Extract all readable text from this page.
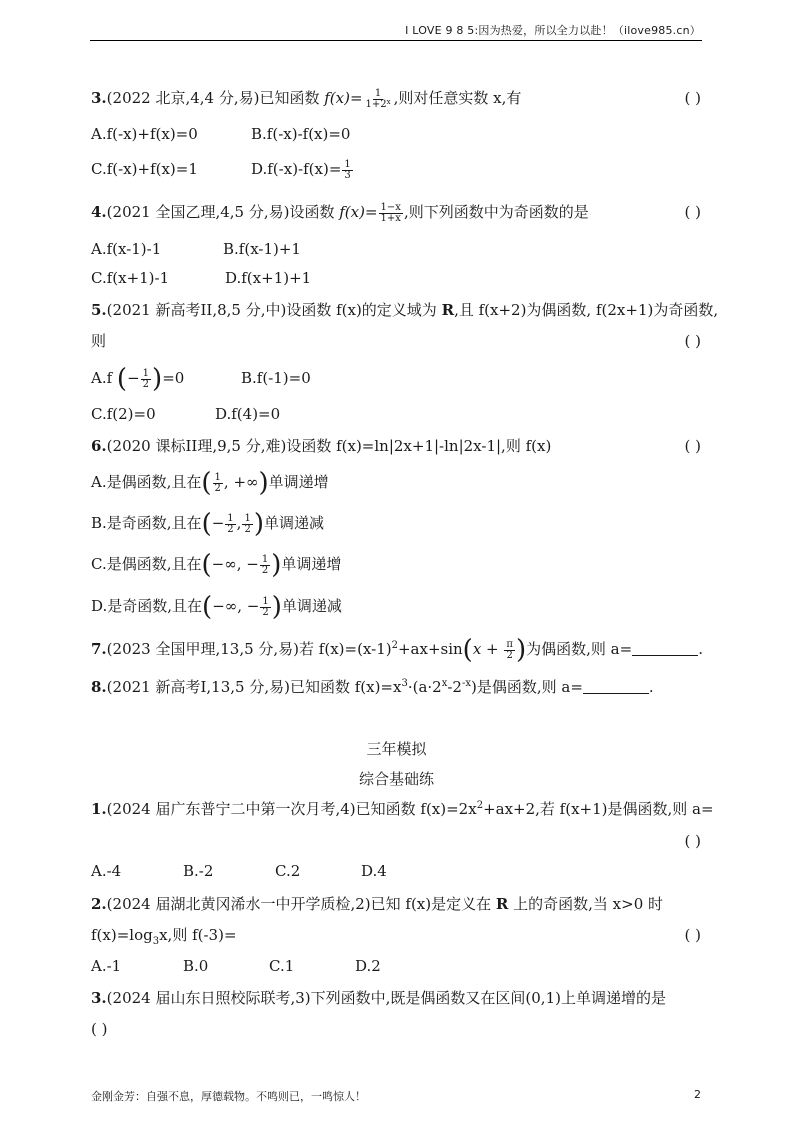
I LOVE 9 8 5:因为热爱，所以全力以赴！（ilove985.cn）
3.(2022 北京,4,4 分,易)已知函数 $f(x)= \frac{1}{1+2^x}$ ,则对任意实数 x,有	( )
A.f(-x)+f(x)=0	B.f(-x)-f(x)=0
C.f(-x)+f(x)=1	$D.f(-x)-f(x)= \frac{1}{3}$
4.(2021 全国乙理,4,5 分,易)设函数 $f(x)= \frac{1-x}{1+x}$ ,则下列函数中为奇函数的是	( )
A.f(x-1)-1	B.f(x-1)+1
C.f(x+1)-1	D.f(x+1)+1
5.(2021 新高考II,8,5 分,中)设函数 f(x)的定义域为 R,且 f(x+2)为偶函数, f(2x+1)为奇函数,
则	( )
A.f (− $\frac{1}{2} )=0$	B.f(-1)=0
C.f(2)=0	D.f(4)=0
6.(2020 课标II理,9,5 分,难)设函数 f(x)=ln|2x+1|-ln|2x-1|,则 f(x)	( )
A.是偶函数,且在( $\frac{1}{2}$ , +∞)单调递增
B.是奇函数,且在(− $\frac{1}{2}$ , $\frac{1}{2}$ )单调递减
C.是偶函数,且在(−∞, − $\frac{1}{2}$ )单调递增
D.是奇函数,且在(−∞, − $\frac{1}{2}$ )单调递减
7.(2023 全国甲理,13,5 分,易)若 $f(x)=(x-1)^2+ax+\sin(x + \frac{\pi}{2}$ )为偶函数,则 a=	.
8.(2021 新高考I,13,5 分,易)已知函数 $f(x)=x^3\cdot(a\cdot 2^x-2^{-x})$是偶函数,则 a=	.
三年模拟
综合基础练
1.(2024 届广东普宁二中第一次月考,4)已知函数 $f(x)=2x^2+ax+2$,若 f(x+1)是偶函数,则 a=
( )
A.-4	B.-2	C.2	D.4
2.(2024 届湖北黄冈浠水一中开学质检,2)已知 f(x)是定义在 R 上的奇函数,当 x>0 时
$f(x)=\log_3x$,则 f(-3)=	( )
A.-1	B.0	C.1	D.2
3.(2024 届山东日照校际联考,3)下列函数中,既是偶函数又在区间(0,1)上单调递增的是
( )
金刚金芳：自强不息，厚德载物。不鸣则已，一鸣惊人！	2
